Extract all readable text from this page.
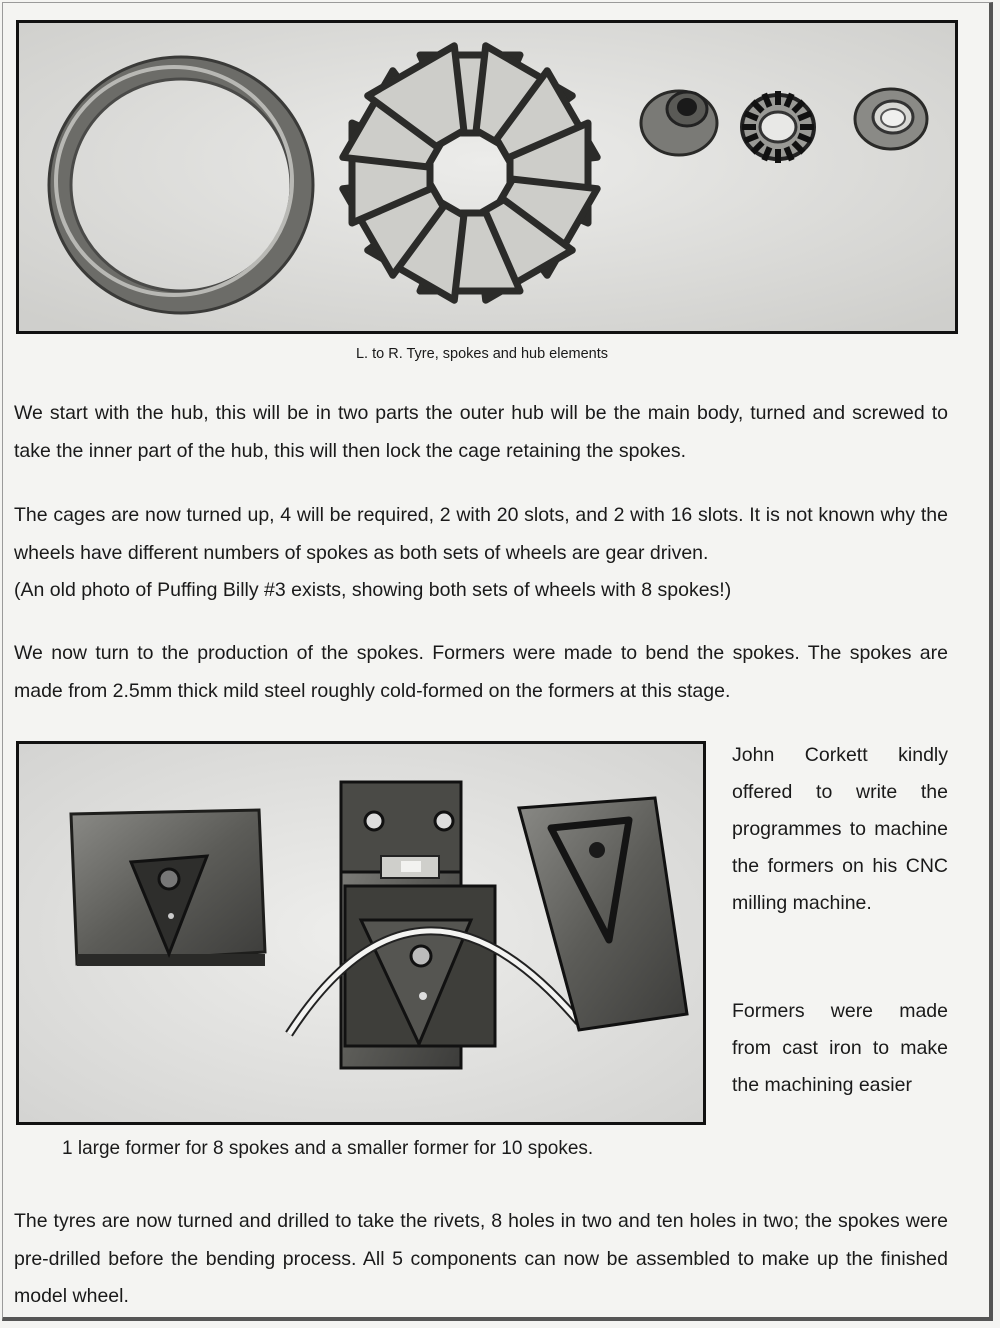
L. to R. Tyre, spokes and hub elements

We start with the hub, this will be in two parts the outer hub will be the main body, turned and screwed to take the inner part of the hub, this will then lock the cage retaining the spokes.

The cages are now turned up, 4 will be required, 2 with 20 slots, and 2 with 16 slots. It is not known why the wheels have different numbers of spokes as both sets of wheels are gear driven.
(An old photo of Puffing Billy #3 exists, showing both sets of wheels with 8 spokes!)

We now turn to the production of the spokes. Formers were made to bend the spokes. The spokes are made from 2.5mm thick mild steel roughly cold-formed on the formers at this stage.

John Corkett kindly offered to write the programmes to machine the formers on his CNC milling machine.

Formers were made from cast iron to make the machining easier

1 large former for 8 spokes and a smaller former for 10 spokes.

The tyres are now turned and drilled to take the rivets, 8 holes in two and ten holes in two; the spokes were pre-drilled before the bending process. All 5 components can now be assembled to make up the finished model wheel.
